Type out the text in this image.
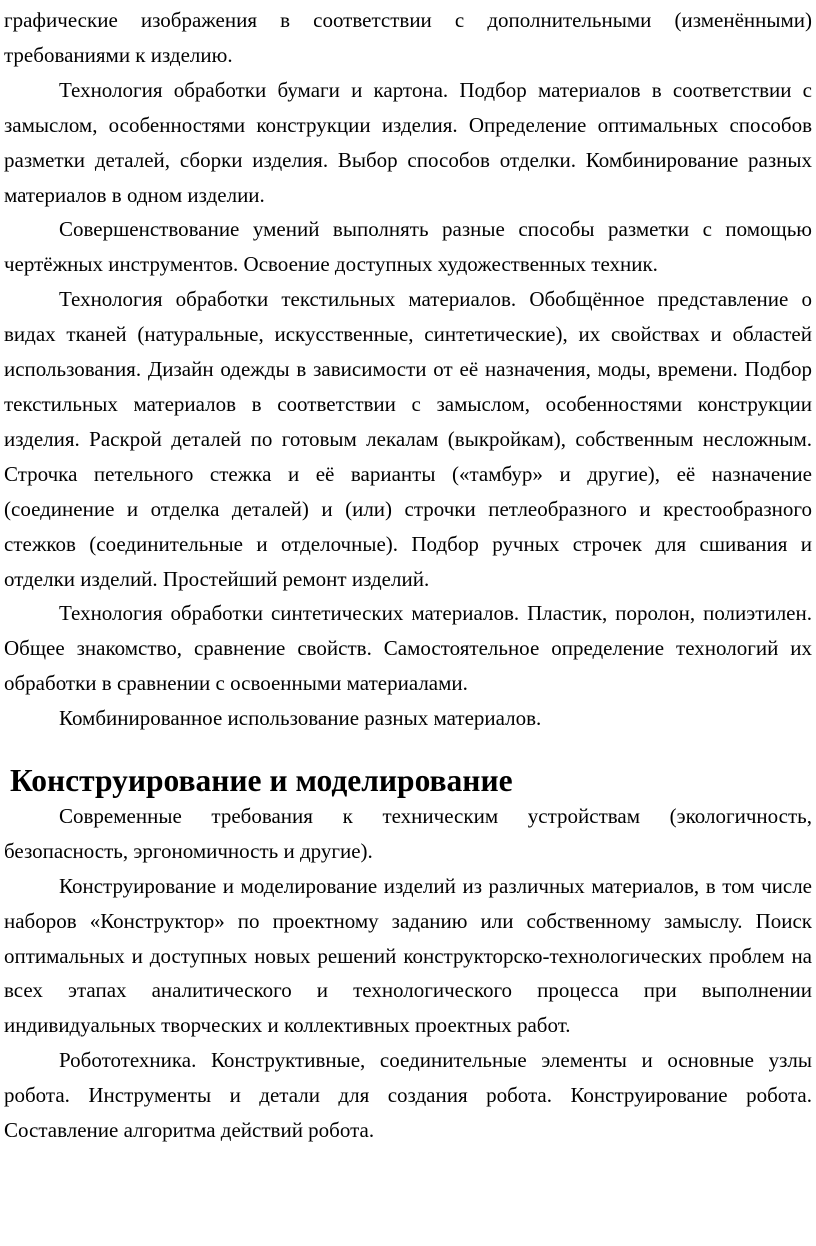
графические изображения в соответствии с дополнительными (изменёнными) требованиями к изделию.

Технология обработки бумаги и картона. Подбор материалов в соответствии с замыслом, особенностями конструкции изделия. Определение оптимальных способов разметки деталей, сборки изделия. Выбор способов отделки. Комбинирование разных материалов в одном изделии.

Совершенствование умений выполнять разные способы разметки с помощью чертёжных инструментов. Освоение доступных художественных техник.

Технология обработки текстильных материалов. Обобщённое представление о видах тканей (натуральные, искусственные, синтетические), их свойствах и областей использования. Дизайн одежды в зависимости от её назначения, моды, времени. Подбор текстильных материалов в соответствии с замыслом, особенностями конструкции изделия. Раскрой деталей по готовым лекалам (выкройкам), собственным несложным. Строчка петельного стежка и её варианты («тамбур» и другие), её назначение (соединение и отделка деталей) и (или) строчки петлеобразного и крестообразного стежков (соединительные и отделочные). Подбор ручных строчек для сшивания и отделки изделий. Простейший ремонт изделий.

Технология обработки синтетических материалов. Пластик, поролон, полиэтилен. Общее знакомство, сравнение свойств. Самостоятельное определение технологий их обработки в сравнении с освоенными материалами.

Комбинированное использование разных материалов.

Конструирование и моделирование

Современные требования к техническим устройствам (экологичность, безопасность, эргономичность и другие).

Конструирование и моделирование изделий из различных материалов, в том числе наборов «Конструктор» по проектному заданию или собственному замыслу. Поиск оптимальных и доступных новых решений конструкторско-технологических проблем на всех этапах аналитического и технологического процесса при выполнении индивидуальных творческих и коллективных проектных работ.

Робототехника. Конструктивные, соединительные элементы и основные узлы робота. Инструменты и детали для создания робота. Конструирование робота. Составление алгоритма действий робота.
